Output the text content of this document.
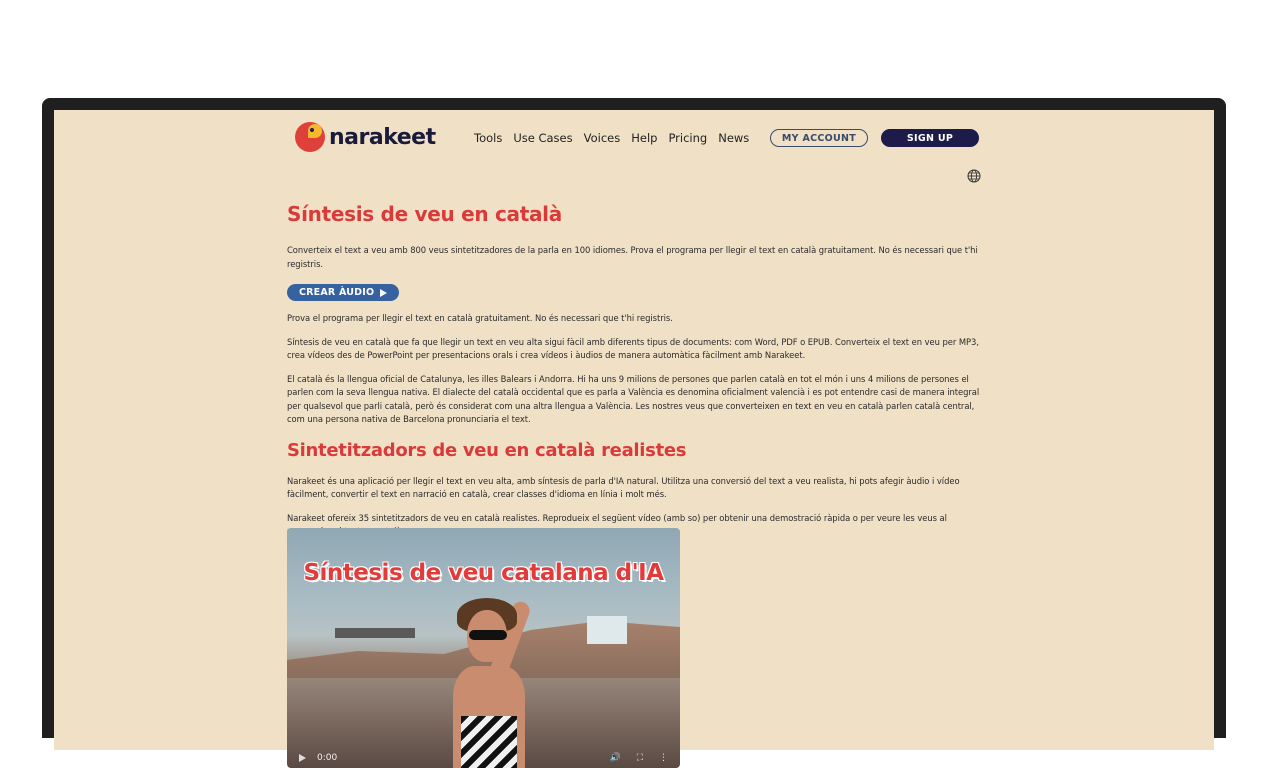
narakeet	Tools Use Cases Voices Help Pricing News	MY ACCOUNT	SIGN UP
Síntesis de veu en català

Converteix el text a veu amb 800 veus sintetitzadores de la parla en 100 idiomes. Prova el programa per llegir el text en català gratuitament. No és necessari que t'hi registris.

CREAR ÀUDIO

Prova el programa per llegir el text en català gratuitament. No és necessari que t'hi registris.

Síntesis de veu en català que fa que llegir un text en veu alta sigui fàcil amb diferents tipus de documents: com Word, PDF o EPUB. Converteix el text en veu per MP3, crea vídeos des de PowerPoint per presentacions orals i crea vídeos i àudios de manera automàtica fàcilment amb Narakeet.

El català és la llengua oficial de Catalunya, les illes Balears i Andorra. Hi ha uns 9 milions de persones que parlen català en tot el món i uns 4 milions de persones el parlen com la seva llengua nativa. El dialecte del català occidental que es parla a València es denomina oficialment valencià i es pot entendre casi de manera integral per qualsevol que parli català, però és considerat com una altra llengua a València. Les nostres veus que converteixen en text en veu en català parlen català central, com una persona nativa de Barcelona pronunciaria el text.

Sintetitzadors de veu en català realistes

Narakeet és una aplicació per llegir el text en veu alta, amb síntesis de parla d'IA natural. Utilitza una conversió del text a veu realista, hi pots afegir àudio i vídeo fàcilment, convertir el text en narració en català, crear classes d'idioma en línia i molt més.

Narakeet ofereix 35 sintetitzadors de veu en català realistes. Reprodueix el següent vídeo (amb so) per obtenir una demostració ràpida o per veure les veus al

Síntesis de veu catalana d'IA
0:00	🔊 ⛶ ⋮
